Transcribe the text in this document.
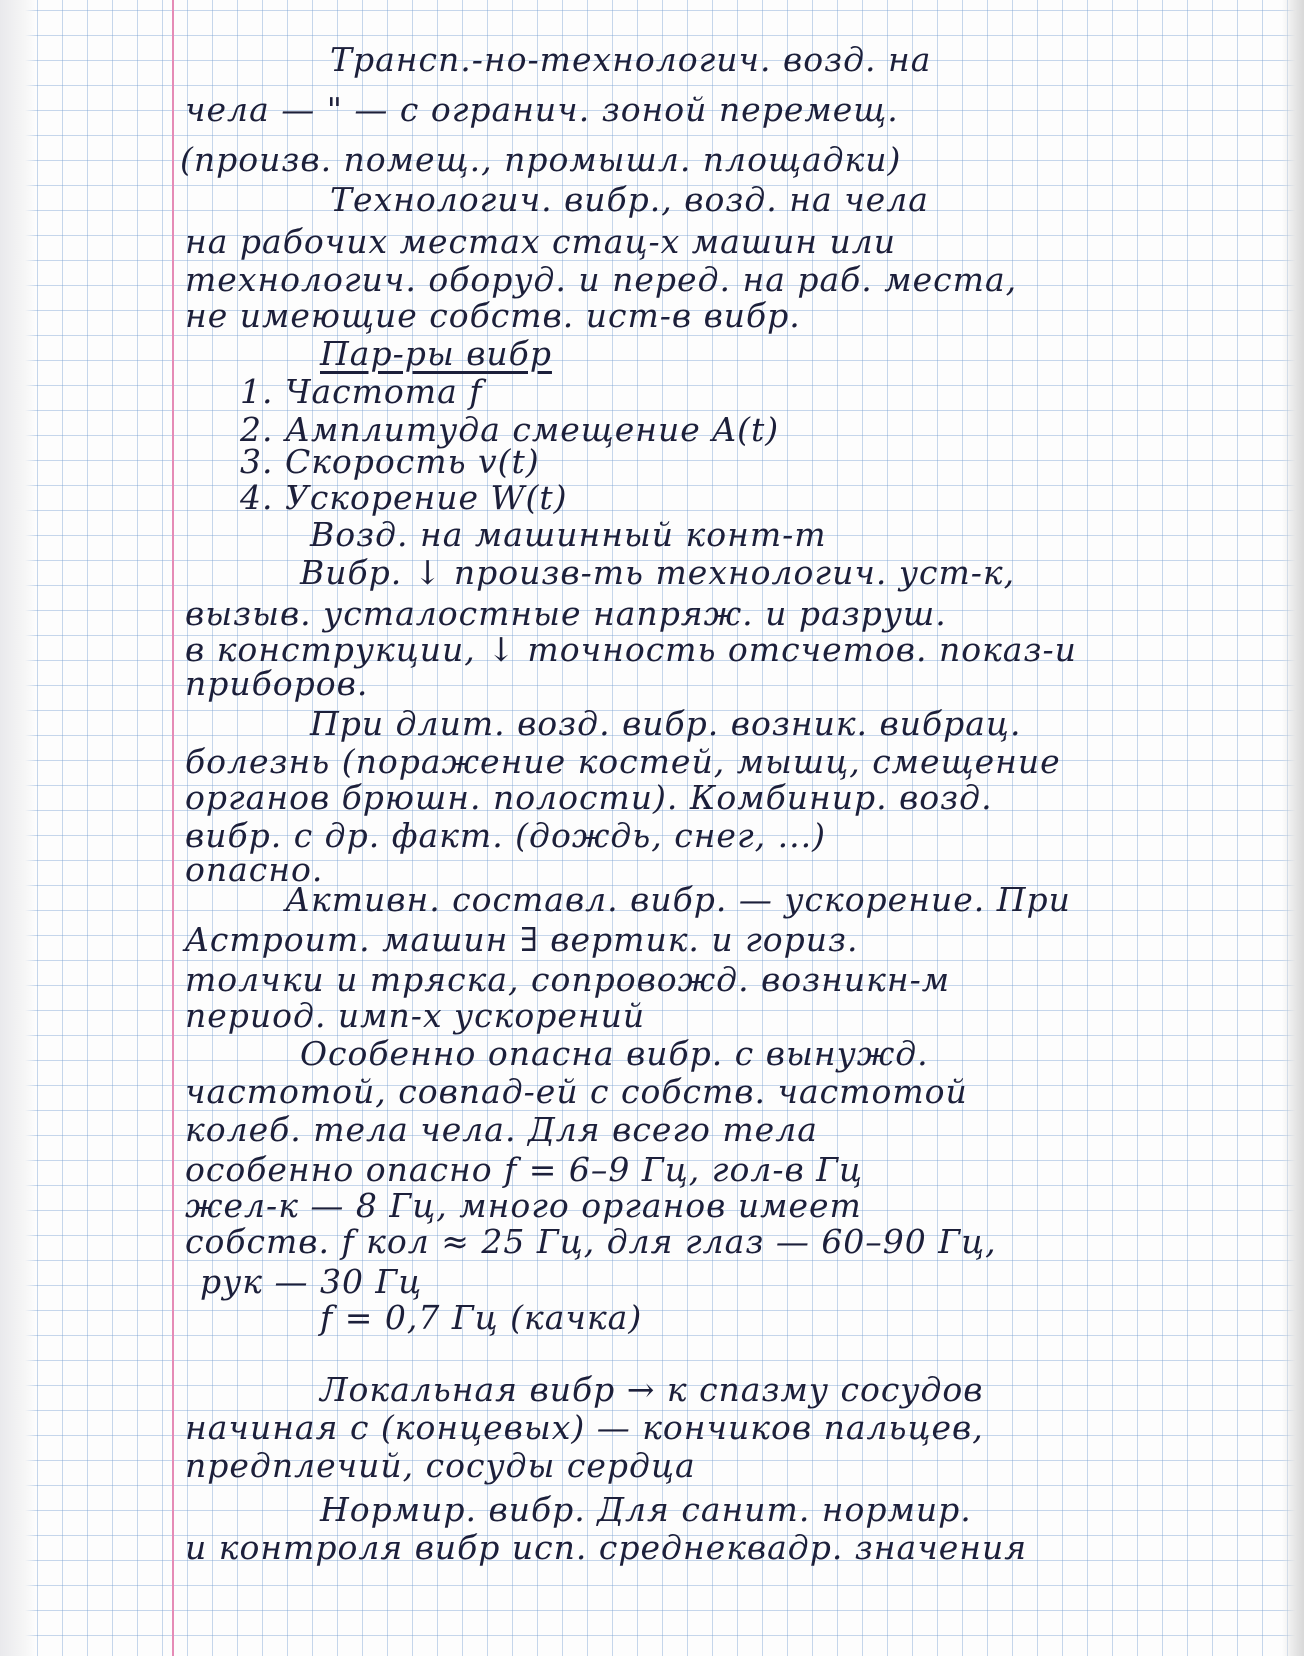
Трансп.-но-технологич. возд. на
чела — " — с огранич. зоной перемещ.
(произв. помещ., промышл. площадки)
Технологич. вибр., возд. на чела
на рабочих местах стац-х машин или
технологич. оборуд. и перед. на раб. места,
не имеющие собств. ист-в вибр.
Пар-ры вибр
1. Частота f
2. Амплитуда смещение A(t)
3. Скорость v(t)
4. Ускорение W(t)
Возд. на машинный конт-т
Вибр. ↓ произв-ть технологич. уст-к,
вызыв. усталостные напряж. и разруш.
в конструкции, ↓ точность отсчетов. показ-и
приборов.
При длит. возд. вибр. возник. вибрац.
болезнь (поражение костей, мышц, смещение
органов брюшн. полости). Комбинир. возд.
вибр. с др. факт. (дождь, снег, ...)
опасно.
Активн. составл. вибр. — ускорение. При
Aстроит. машин ∃ вертик. и гориз.
толчки и тряска, сопровожд. возникн-м
период. имп-х ускорений
Особенно опасна вибр. с вынужд.
частотой, совпад-ей с собств. частотой
колеб. тела чела. Для всего тела
особенно опасно f = 6–9 Гц, гол-в Гц
жел-к — 8 Гц, много органов имеет
собств. f кол ≈ 25 Гц, для глаз — 60–90 Гц,
рук — 30 Гц
f = 0,7 Гц (качка)
Локальная вибр → к спазму сосудов
начиная с (концевых) — кончиков пальцев,
предплечий, сосуды сердца
Нормир. вибр. Для санит. нормир.
и контроля вибр исп. среднеквадр. значения
